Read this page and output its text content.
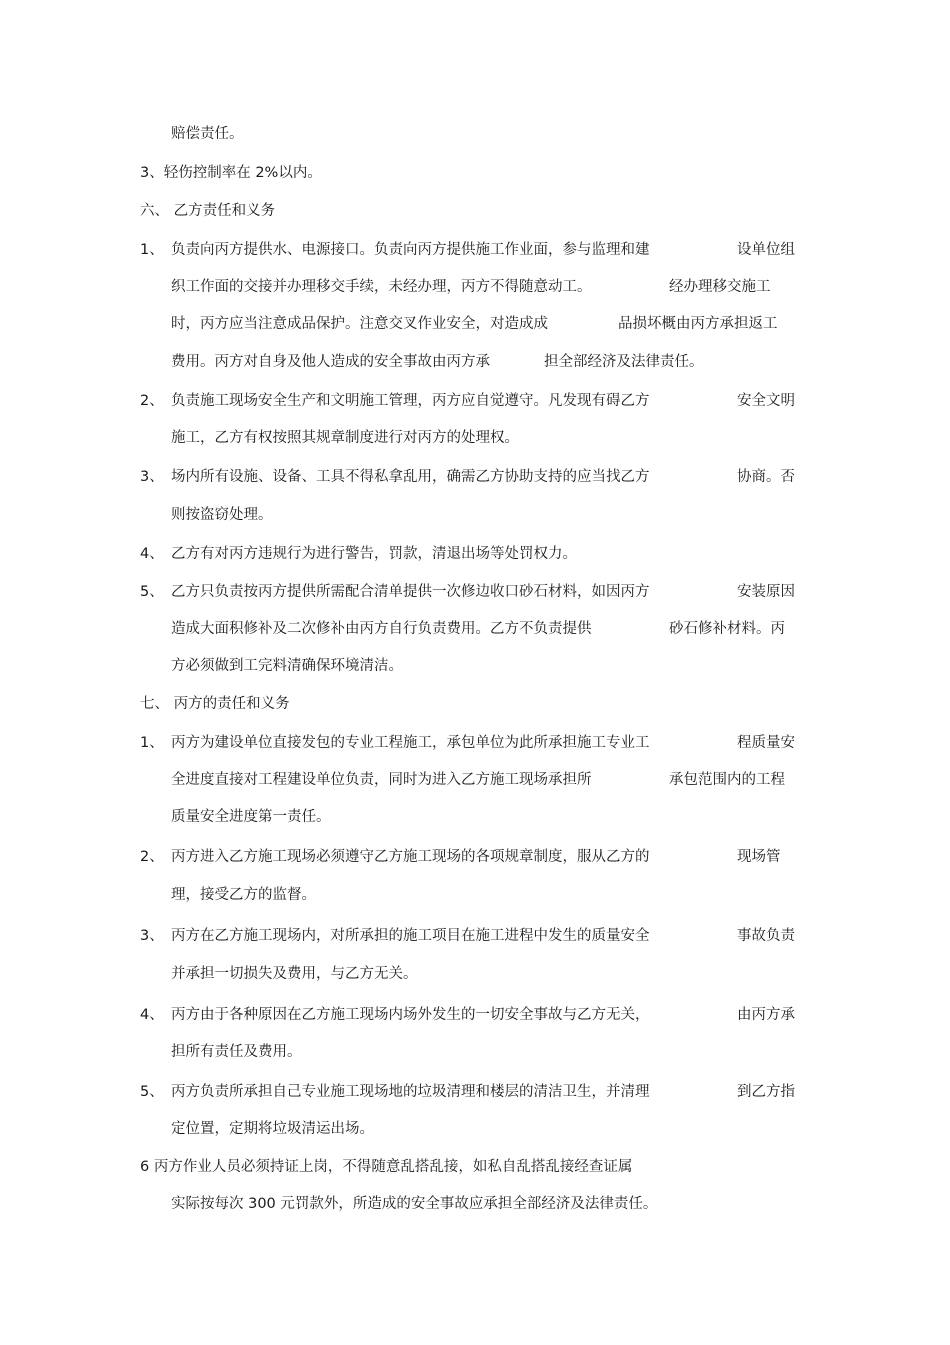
赔偿责任。
3、轻伤控制率在 2%以内。
六、 乙方责任和义务
1、 负责向丙方提供水、电源接口。负责向丙方提供施工作业面，参与监理和建	设单位组
织工作面的交接并办理移交手续，未经办理，丙方不得随意动工。	经办理移交施工
时，丙方应当注意成品保护。注意交叉作业安全，对造成成	品损坏概由丙方承担返工
费用。丙方对自身及他人造成的安全事故由丙方承	担全部经济及法律责任。
2、 负责施工现场安全生产和文明施工管理，丙方应自觉遵守。凡发现有碍乙方	安全文明
施工，乙方有权按照其规章制度进行对丙方的处理权。
3、 场内所有设施、设备、工具不得私拿乱用，确需乙方协助支持的应当找乙方	协商。否
则按盗窃处理。
4、 乙方有对丙方违规行为进行警告，罚款，清退出场等处罚权力。
5、 乙方只负责按丙方提供所需配合清单提供一次修边收口砂石材料，如因丙方	安装原因
造成大面积修补及二次修补由丙方自行负责费用。乙方不负责提供	砂石修补材料。丙
方必须做到工完料清确保环境清洁。
七、 丙方的责任和义务
1、 丙方为建设单位直接发包的专业工程施工，承包单位为此所承担施工专业工	程质量安
全进度直接对工程建设单位负责，同时为进入乙方施工现场承担所	承包范围内的工程
质量安全进度第一责任。
2、 丙方进入乙方施工现场必须遵守乙方施工现场的各项规章制度，服从乙方的	现场管
理，接受乙方的监督。
3、 丙方在乙方施工现场内，对所承担的施工项目在施工进程中发生的质量安全	事故负责
并承担一切损失及费用，与乙方无关。
4、 丙方由于各种原因在乙方施工现场内场外发生的一切安全事故与乙方无关，	由丙方承
担所有责任及费用。
5、 丙方负责所承担自己专业施工现场地的垃圾清理和楼层的清洁卫生，并清理	到乙方指
定位置，定期将垃圾清运出场。
6 丙方作业人员必须持证上岗，不得随意乱搭乱接，如私自乱搭乱接经查证属
实际按每次 300 元罚款外，所造成的安全事故应承担全部经济及法律责任。
